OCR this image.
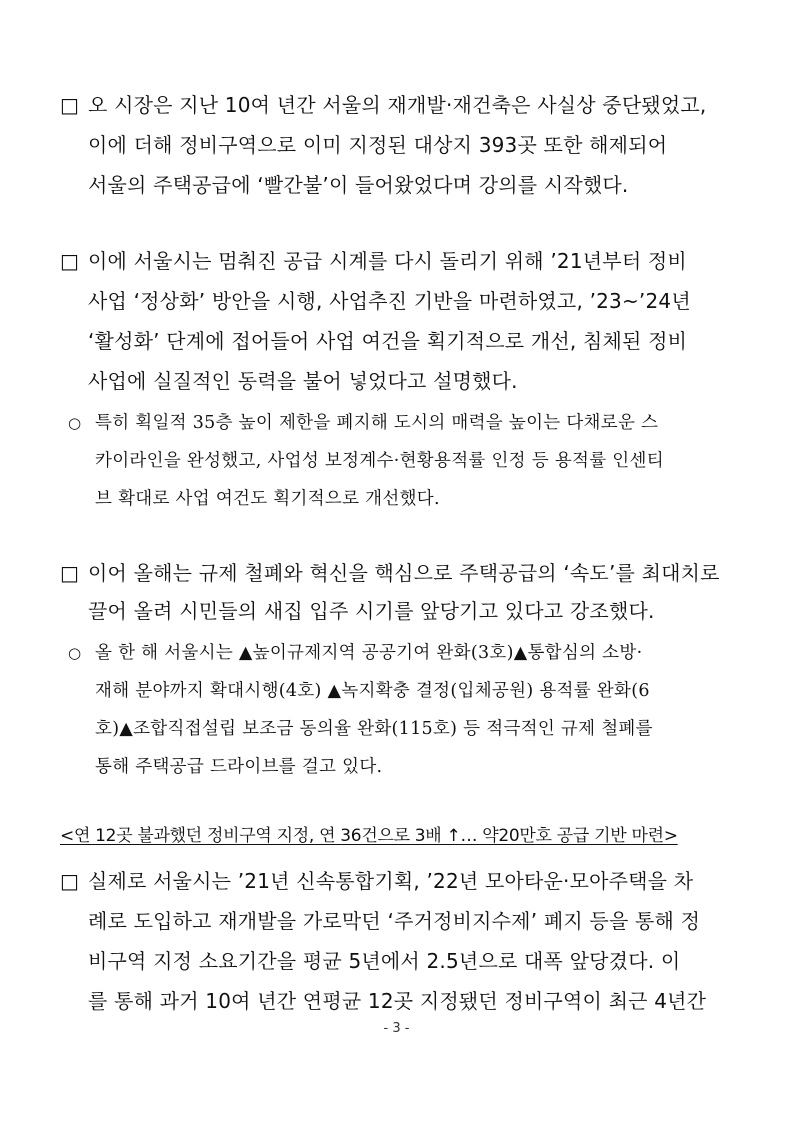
□ 오 시장은 지난 10여 년간 서울의 재개발·재건축은 사실상 중단됐었고,
이에 더해 정비구역으로 이미 지정된 대상지 393곳 또한 해제되어
서울의 주택공급에 ‘빨간불’이 들어왔었다며 강의를 시작했다.
□ 이에 서울시는 멈춰진 공급 시계를 다시 돌리기 위해 ’21년부터 정비
사업 ‘정상화’ 방안을 시행, 사업추진 기반을 마련하였고, ’23~’24년
‘활성화’ 단계에 접어들어 사업 여건을 획기적으로 개선, 침체된 정비
사업에 실질적인 동력을 불어 넣었다고 설명했다.
○ 특히 획일적 35층 높이 제한을 폐지해 도시의 매력을 높이는 다채로운 스
카이라인을 완성했고, 사업성 보정계수·현황용적률 인정 등 용적률 인센티
브 확대로 사업 여건도 획기적으로 개선했다.
□ 이어 올해는 규제 철폐와 혁신을 핵심으로 주택공급의 ‘속도’를 최대치로
끌어 올려 시민들의 새집 입주 시기를 앞당기고 있다고 강조했다.
○ 올 한 해 서울시는 ▲높이규제지역 공공기여 완화(3호)▲통합심의 소방·
재해 분야까지 확대시행(4호) ▲녹지확충 결정(입체공원) 용적률 완화(6
호)▲조합직접설립 보조금 동의율 완화(115호) 등 적극적인 규제 철폐를
통해 주택공급 드라이브를 걸고 있다.
<연 12곳 불과했던 정비구역 지정, 연 36건으로 3배 ↑… 약20만호 공급 기반 마련>
□ 실제로 서울시는 ’21년 신속통합기획, ’22년 모아타운·모아주택을 차
례로 도입하고 재개발을 가로막던 ‘주거정비지수제’ 폐지 등을 통해 정
비구역 지정 소요기간을 평균 5년에서 2.5년으로 대폭 앞당겼다. 이
를 통해 과거 10여 년간 연평균 12곳 지정됐던 정비구역이 최근 4년간
- 3 -
